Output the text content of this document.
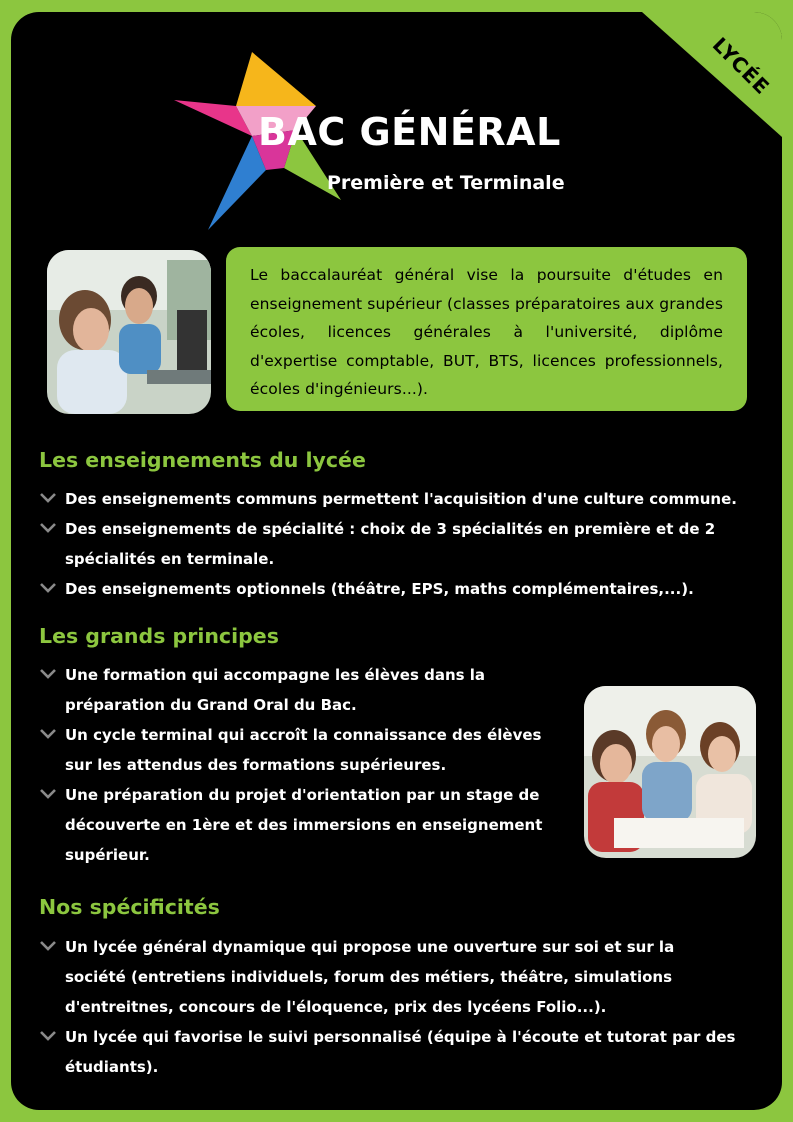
LYCÉE
BAC GÉNÉRAL
Première et Terminale

Le baccalauréat général vise la poursuite d'études en enseignement supérieur (classes préparatoires aux grandes écoles, licences générales à l'université, diplôme d'expertise comptable, BUT, BTS, licences professionnels, écoles d'ingénieurs...).

Les enseignements du lycée
Des enseignements communs permettent l'acquisition d'une culture commune.
Des enseignements de spécialité : choix de 3 spécialités en première et de 2 spécialités en terminale.
Des enseignements optionnels (théâtre, EPS, maths complémentaires,...).
Les grands principes
Une formation qui accompagne les élèves dans la préparation du Grand Oral du Bac.
Un cycle terminal qui accroît la connaissance des élèves sur les attendus des formations supérieures.
Une préparation du projet d'orientation par un stage de découverte en 1ère et des immersions en enseignement supérieur.
Nos spécificités
Un lycée général dynamique qui propose une ouverture sur soi et sur la société (entretiens individuels, forum des métiers, théâtre, simulations d'entreitnes, concours de l'éloquence, prix des lycéens Folio...).
Un lycée qui favorise le suivi personnalisé (équipe à l'écoute et tutorat par des étudiants).
